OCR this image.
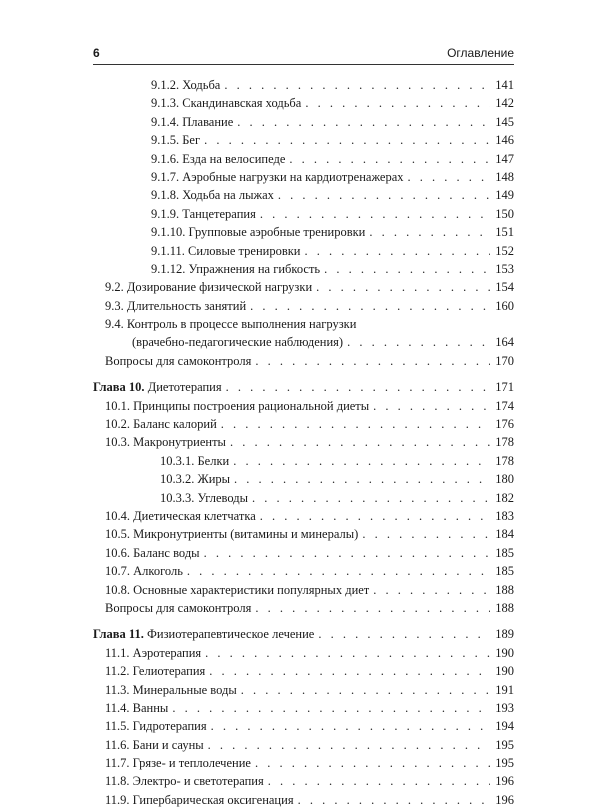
6	Оглавление
9.1.2. Ходьба . . .	141
9.1.3. Скандинавская ходьба . . .	142
9.1.4. Плавание . . .	145
9.1.5. Бег . . .	146
9.1.6. Езда на велосипеде . . .	147
9.1.7. Аэробные нагрузки на кардиотренажерах . . .	148
9.1.8. Ходьба на лыжах . . .	149
9.1.9. Танцетерапия . . .	150
9.1.10. Групповые аэробные тренировки . . .	151
9.1.11. Силовые тренировки . . .	152
9.1.12. Упражнения на гибкость . . .	153
9.2. Дозирование физической нагрузки . . .	154
9.3. Длительность занятий . . .	160
9.4. Контроль в процессе выполнения нагрузки
(врачебно-педагогические наблюдения) . . .	164
Вопросы для самоконтроля . . .	170
Глава 10. Диетотерапия . . .	171
10.1. Принципы построения рациональной диеты . . .	174
10.2. Баланс калорий . . .	176
10.3. Макронутриенты . . .	178
10.3.1. Белки . . .	178
10.3.2. Жиры . . .	180
10.3.3. Углеводы . . .	182
10.4. Диетическая клетчатка . . .	183
10.5. Микронутриенты (витамины и минералы) . . .	184
10.6. Баланс воды . . .	185
10.7. Алкоголь . . .	185
10.8. Основные характеристики популярных диет . . .	188
Вопросы для самоконтроля . . .	188
Глава 11. Физиотерапевтическое лечение . . .	189
11.1. Аэротерапия . . .	190
11.2. Гелиотерапия . . .	190
11.3. Минеральные воды . . .	191
11.4. Ванны . . .	193
11.5. Гидротерапия . . .	194
11.6. Бани и сауны . . .	195
11.7. Грязе- и теплолечение . . .	195
11.8. Электро- и светотерапия . . .	196
11.9. Гипербарическая оксигенация . . .	196
